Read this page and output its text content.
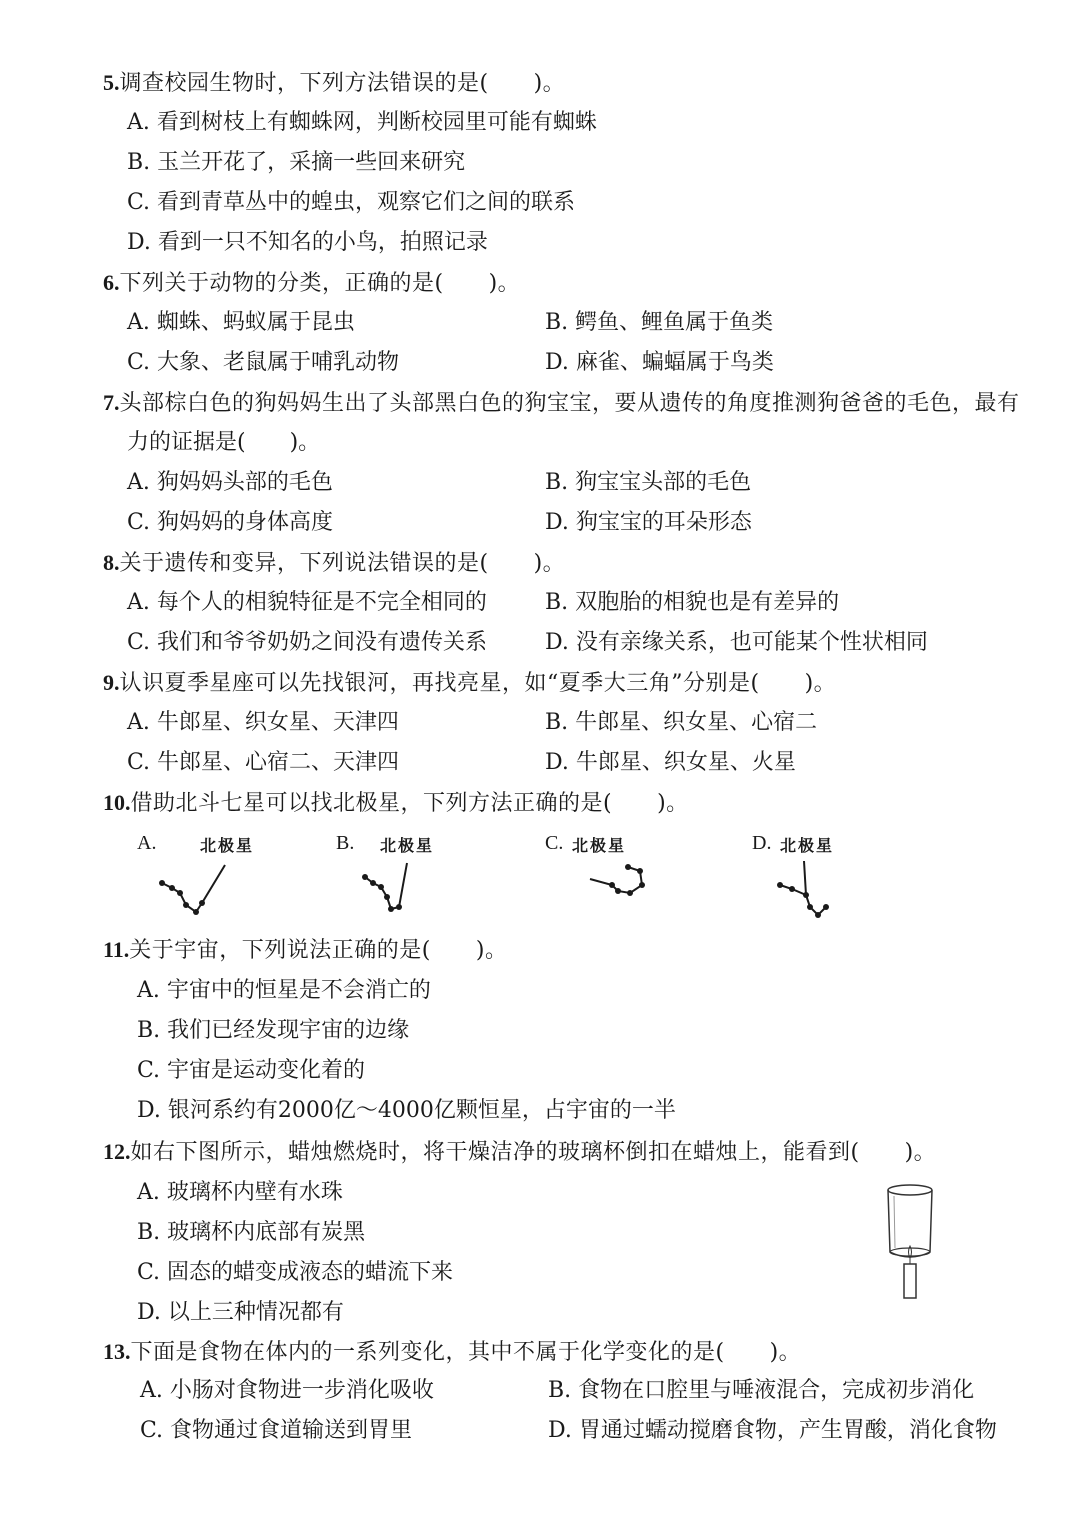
5.调查校园生物时，下列方法错误的是(　　)。
A. 看到树枝上有蜘蛛网，判断校园里可能有蜘蛛
B. 玉兰开花了，采摘一些回来研究
C. 看到青草丛中的蝗虫，观察它们之间的联系
D. 看到一只不知名的小鸟，拍照记录
6.下列关于动物的分类，正确的是(　　)。
A. 蜘蛛、蚂蚁属于昆虫	B. 鳄鱼、鲤鱼属于鱼类
C. 大象、老鼠属于哺乳动物	D. 麻雀、蝙蝠属于鸟类
7.头部棕白色的狗妈妈生出了头部黑白色的狗宝宝，要从遗传的角度推测狗爸爸的毛色，最有
力的证据是(　　)。
A. 狗妈妈头部的毛色	B. 狗宝宝头部的毛色
C. 狗妈妈的身体高度	D. 狗宝宝的耳朵形态
8.关于遗传和变异，下列说法错误的是(　　)。
A. 每个人的相貌特征是不完全相同的	B. 双胞胎的相貌也是有差异的
C. 我们和爷爷奶奶之间没有遗传关系	D. 没有亲缘关系，也可能某个性状相同
9.认识夏季星座可以先找银河，再找亮星，如“夏季大三角”分别是(　　)。
A. 牛郎星、织女星、天津四	B. 牛郎星、织女星、心宿二
C. 牛郎星、心宿二、天津四	D. 牛郎星、织女星、火星
10.借助北斗七星可以找北极星，下列方法正确的是(　　)。
A.	北极星	B. 北极星	C. 北极星	D. 北极星
11.关于宇宙，下列说法正确的是(　　)。
A. 宇宙中的恒星是不会消亡的
B. 我们已经发现宇宙的边缘
C. 宇宙是运动变化着的
D. 银河系约有2000亿～4000亿颗恒星，占宇宙的一半
12.如右下图所示，蜡烛燃烧时，将干燥洁净的玻璃杯倒扣在蜡烛上，能看到(　　)。
A. 玻璃杯内壁有水珠
B. 玻璃杯内底部有炭黑
C. 固态的蜡变成液态的蜡流下来
D. 以上三种情况都有
13.下面是食物在体内的一系列变化，其中不属于化学变化的是(　　)。
A. 小肠对食物进一步消化吸收	B. 食物在口腔里与唾液混合，完成初步消化
C. 食物通过食道输送到胃里	D. 胃通过蠕动搅磨食物，产生胃酸，消化食物
